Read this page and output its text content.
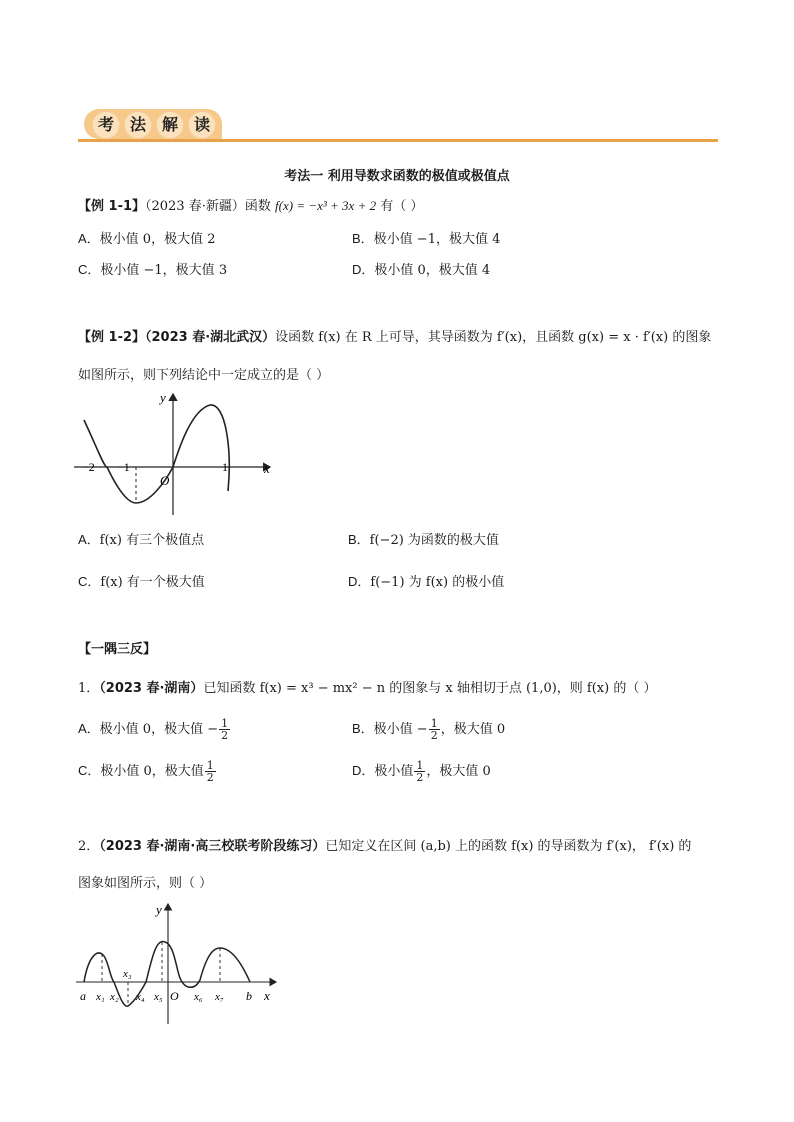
考 法 解 读
考法一 利用导数求函数的极值或极值点
【例 1-1】（2023 春·新疆）函数 f(x) = −x³ + 3x + 2 有（ ）
A．极小值 0，极大值 2	B．极小值 −1，极大值 4
C．极小值 −1，极大值 3	D．极小值 0，极大值 4
【例 1-2】（2023 春·湖北武汉）设函数 f(x) 在 R 上可导，其导函数为 f′(x)，且函数 g(x) = x · f′(x) 的图象
如图所示，则下列结论中一定成立的是（ ）
y
x
O
−2 −1	1
A．f(x) 有三个极值点	B．f(−2) 为函数的极大值
C．f(x) 有一个极大值	D．f(−1) 为 f(x) 的极小值
【一隅三反】
1．（2023 春·湖南）已知函数 f(x) = x³ − mx² − n 的图象与 x 轴相切于点 (1,0)，则 f(x) 的（ ）
A．极小值 0，极大值 − $\frac{1}{2}$	B．极小值 − $\frac{1}{2}$ ，极大值 0
C．极小值 0，极大值 $\frac{1}{2}$	D．极小值 $\frac{1}{2}$ ，极大值 0
2．（2023 春·湖南·高三校联考阶段练习）已知定义在区间 (a,b) 上的函数 f(x) 的导函数为 f′(x)， f′(x) 的
图象如图所示，则（ ）
y
x
O
a	b
x₁ x₂
x₃
x₄ x₅	x₆ x₇
